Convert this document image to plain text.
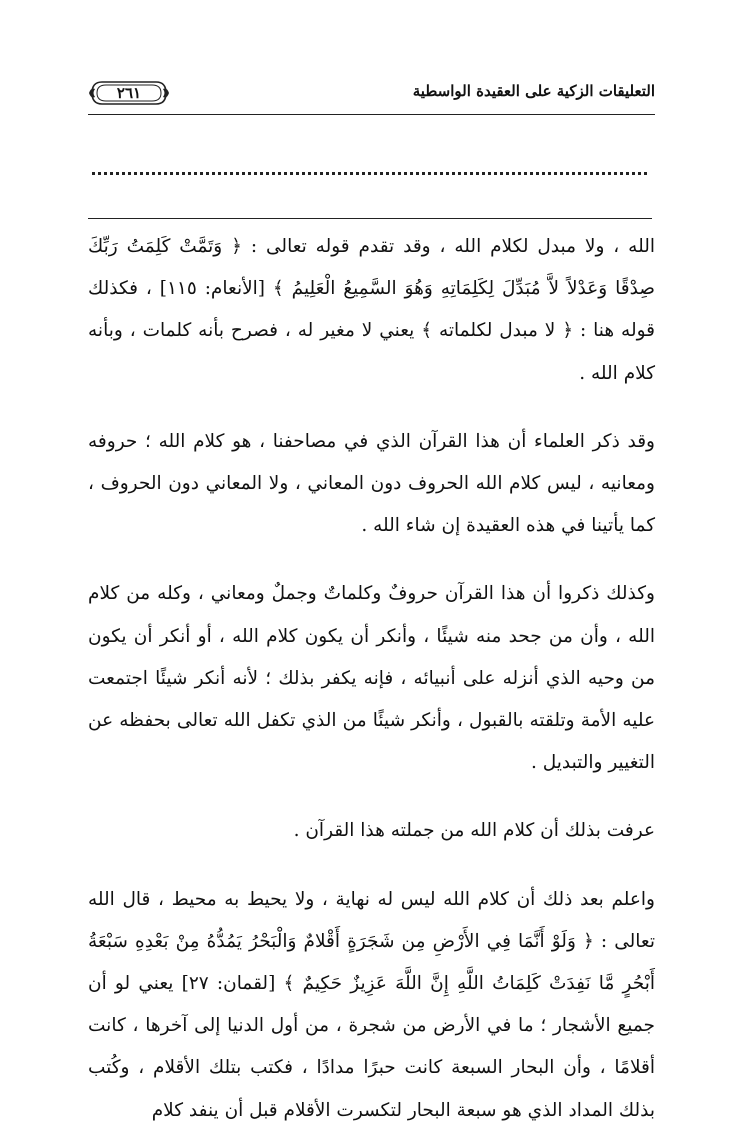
٢٦١	التعليقات الزكية على العقيدة الواسطية

الله ، ولا مبدل لكلام الله ، وقد تقدم قوله تعالى : ﴿ وَتَمَّتْ كَلِمَتُ رَبِّكَ صِدْقًا وَعَدْلاً لاَّ مُبَدِّلَ لِكَلِمَاتِهِ وَهُوَ السَّمِيعُ الْعَلِيمُ ﴾ [الأنعام: ١١٥] ، فكذلك قوله هنا : ﴿ لا مبدل لكلماته ﴾ يعني لا مغير له ، فصرح بأنه كلمات ، وبأنه كلام الله .

وقد ذكر العلماء أن هذا القرآن الذي في مصاحفنا ، هو كلام الله ؛ حروفه ومعانيه ، ليس كلام الله الحروف دون المعاني ، ولا المعاني دون الحروف ، كما يأتينا في هذه العقيدة إن شاء الله .

وكذلك ذكروا أن هذا القرآن حروفٌ وكلماتٌ وجملٌ ومعاني ، وكله من كلام الله ، وأن من جحد منه شيئًا ، وأنكر أن يكون كلام الله ، أو أنكر أن يكون من وحيه الذي أنزله على أنبيائه ، فإنه يكفر بذلك ؛ لأنه أنكر شيئًا اجتمعت عليه الأمة وتلقته بالقبول ، وأنكر شيئًا من الذي تكفل الله تعالى بحفظه عن التغيير والتبديل .

عرفت بذلك أن كلام الله من جملته هذا القرآن .

واعلم بعد ذلك أن كلام الله ليس له نهاية ، ولا يحيط به محيط ، قال الله تعالى : ﴿ وَلَوْ أَنَّمَا فِي الأَرْضِ مِن شَجَرَةٍ أَقْلامٌ وَالْبَحْرُ يَمُدُّهُ مِنْ بَعْدِهِ سَبْعَةُ أَبْحُرٍ مَّا نَفِدَتْ كَلِمَاتُ اللَّهِ إِنَّ اللَّهَ عَزِيزٌ حَكِيمٌ ﴾ [لقمان: ٢٧] يعني لو أن جميع الأشجار ؛ ما في الأرض من شجرة ، من أول الدنيا إلى آخرها ، كانت أقلامًا ، وأن البحار السبعة كانت حبرًا مدادًا ، فكتب بتلك الأقلام ، وكُتب بذلك المداد الذي هو سبعة البحار لتكسرت الأقلام قبل أن ينفد كلام
